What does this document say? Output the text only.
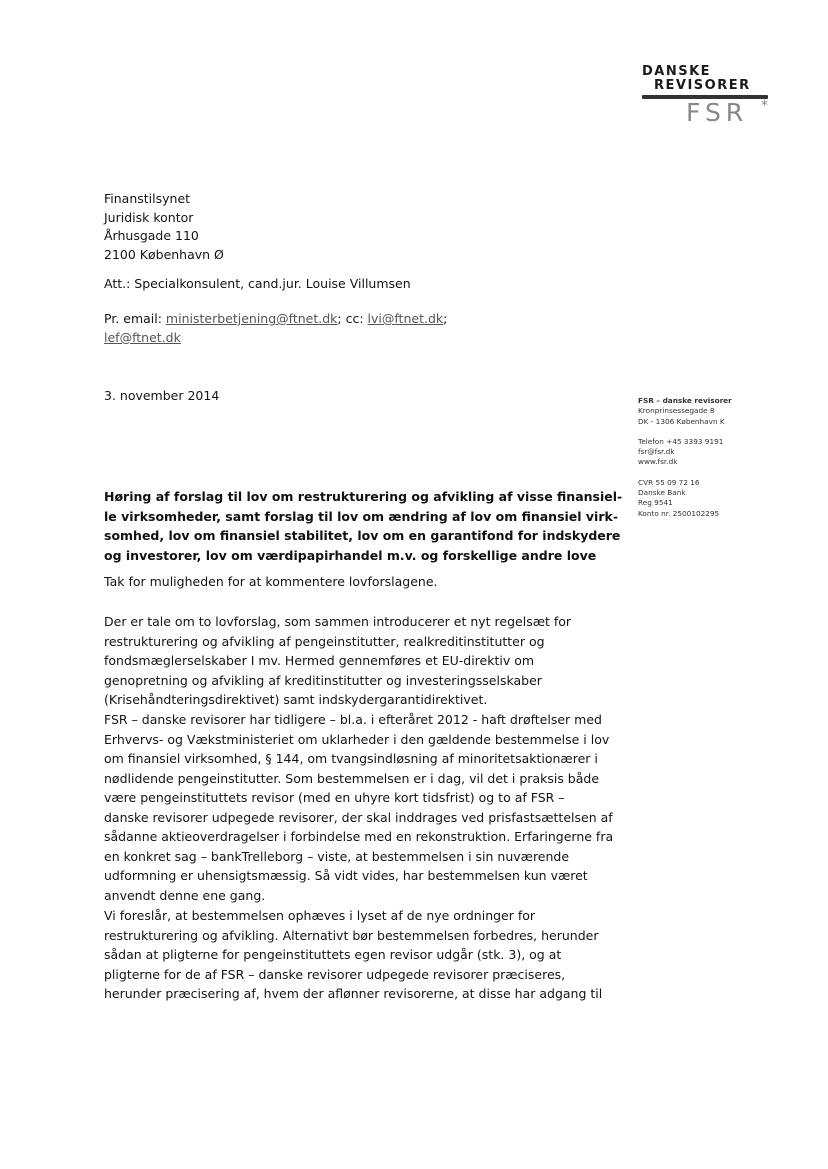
DANSKE
REVISORER
FSR *
Finanstilsynet
Juridisk kontor
Århusgade 110
2100 København Ø
Att.: Specialkonsulent, cand.jur. Louise Villumsen
Pr. email: ministerbetjening@ftnet.dk; cc: lvi@ftnet.dk;
lef@ftnet.dk
3. november 2014	FSR – danske revisorer
Kronprinsessegade 8
DK - 1306 København K
Telefon +45 3393 9191
fsr@fsr.dk
www.fsr.dk
CVR 55 09 72 16
Danske Bank
Reg 9541
Konto nr. 2500102295
Høring af forslag til lov om restrukturering og afvikling af visse finansiel-
le virksomheder, samt forslag til lov om ændring af lov om finansiel virk-
somhed, lov om finansiel stabilitet, lov om en garantifond for indskydere
og investorer, lov om værdipapirhandel m.v. og forskellige andre love
Tak for muligheden for at kommentere lovforslagene.
Der er tale om to lovforslag, som sammen introducerer et nyt regelsæt for
restrukturering og afvikling af pengeinstitutter, realkreditinstitutter og
fondsmæglerselskaber I mv. Hermed gennemføres et EU-direktiv om
genopretning og afvikling af kreditinstitutter og investeringsselskaber
(Krisehåndteringsdirektivet) samt indskydergarantidirektivet.
FSR – danske revisorer har tidligere – bl.a. i efteråret 2012 - haft drøftelser med
Erhvervs- og Vækstministeriet om uklarheder i den gældende bestemmelse i lov
om finansiel virksomhed, § 144, om tvangsindløsning af minoritetsaktionærer i
nødlidende pengeinstitutter. Som bestemmelsen er i dag, vil det i praksis både
være pengeinstituttets revisor (med en uhyre kort tidsfrist) og to af FSR –
danske revisorer udpegede revisorer, der skal inddrages ved prisfastsættelsen af
sådanne aktieoverdragelser i forbindelse med en rekonstruktion. Erfaringerne fra
en konkret sag – bankTrelleborg – viste, at bestemmelsen i sin nuværende
udformning er uhensigtsmæssig. Så vidt vides, har bestemmelsen kun været
anvendt denne ene gang.
Vi foreslår, at bestemmelsen ophæves i lyset af de nye ordninger for
restrukturering og afvikling. Alternativt bør bestemmelsen forbedres, herunder
sådan at pligterne for pengeinstituttets egen revisor udgår (stk. 3), og at
pligterne for de af FSR – danske revisorer udpegede revisorer præciseres,
herunder præcisering af, hvem der aflønner revisorerne, at disse har adgang til
